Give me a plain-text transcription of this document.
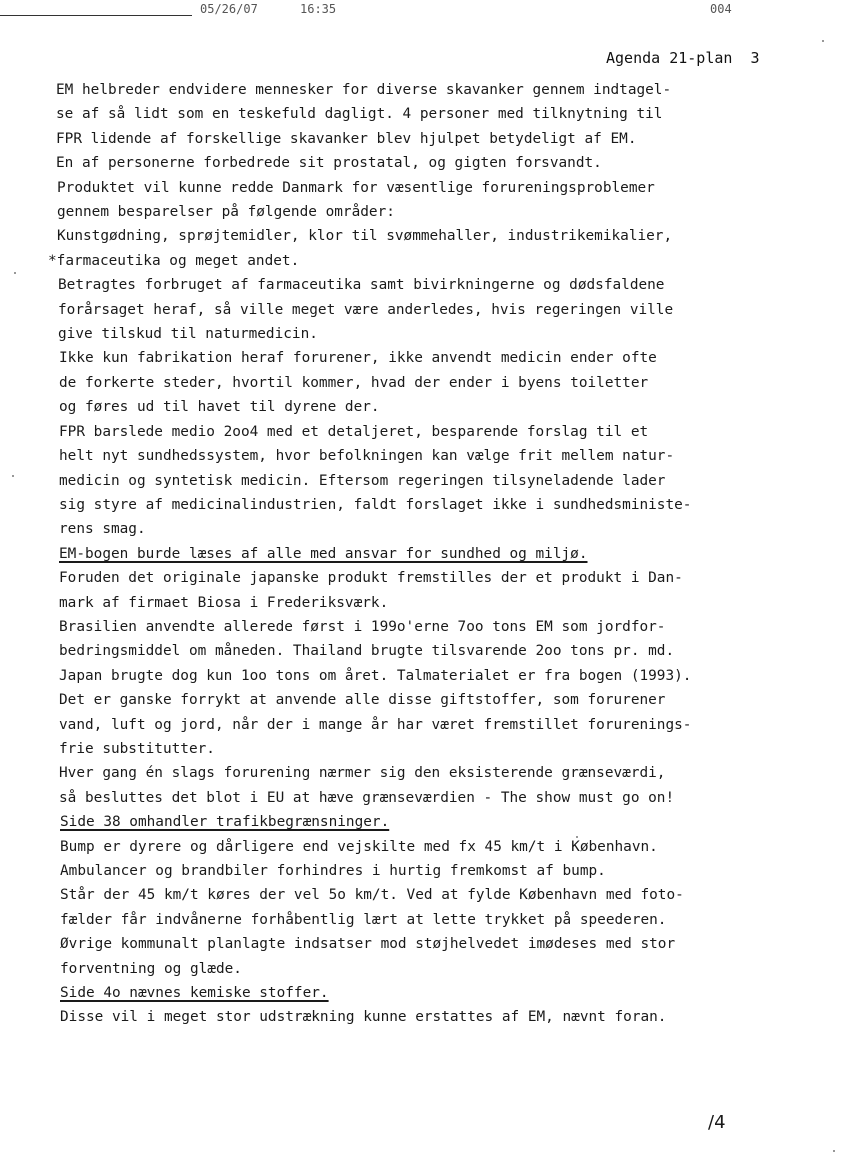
05/26/07	16:35	004
Agenda 21-plan  3
EM helbreder endvidere mennesker for diverse skavanker gennem indtagel-
se af så lidt som en teskefuld dagligt. 4 personer med tilknytning til
FPR lidende af forskellige skavanker blev hjulpet betydeligt af EM.
En af personerne forbedrede sit prostatal, og gigten forsvandt.
Produktet vil kunne redde Danmark for væsentlige forureningsproblemer
gennem besparelser på følgende områder:
Kunstgødning, sprøjtemidler, klor til svømmehaller, industrikemikalier,
*farmaceutika og meget andet.
Betragtes forbruget af farmaceutika samt bivirkningerne og dødsfaldene
forårsaget heraf, så ville meget være anderledes, hvis regeringen ville
give tilskud til naturmedicin.
Ikke kun fabrikation heraf forurener, ikke anvendt medicin ender ofte
de forkerte steder, hvortil kommer, hvad der ender i byens toiletter
og føres ud til havet til dyrene der.
FPR barslede medio 2oo4 med et detaljeret, besparende forslag til et
helt nyt sundhedssystem, hvor befolkningen kan vælge frit mellem natur-
medicin og syntetisk medicin. Eftersom regeringen tilsyneladende lader
sig styre af medicinalindustrien, faldt forslaget ikke i sundhedsministe-
rens smag.
EM-bogen burde læses af alle med ansvar for sundhed og miljø.
Foruden det originale japanske produkt fremstilles der et produkt i Dan-
mark af firmaet Biosa i Frederiksværk.
Brasilien anvendte allerede først i 199o'erne 7oo tons EM som jordfor-
bedringsmiddel om måneden. Thailand brugte tilsvarende 2oo tons pr. md.
Japan brugte dog kun 1oo tons om året. Talmaterialet er fra bogen (1993).
Det er ganske forrykt at anvende alle disse giftstoffer, som forurener
vand, luft og jord, når der i mange år har været fremstillet forurenings-
frie substitutter.
Hver gang én slags forurening nærmer sig den eksisterende grænseværdi,
så besluttes det blot i EU at hæve grænseværdien - The show must go on!
Side 38 omhandler trafikbegrænsninger.
Bump er dyrere og dårligere end vejskilte med fx 45 km/t i København.
Ambulancer og brandbiler forhindres i hurtig fremkomst af bump.
Står der 45 km/t køres der vel 5o km/t. Ved at fylde København med foto-
fælder får indvånerne forhåbentlig lært at lette trykket på speederen.
Øvrige kommunalt planlagte indsatser mod støjhelvedet imødeses med stor
forventning og glæde.
Side 4o nævnes kemiske stoffer.
Disse vil i meget stor udstrækning kunne erstattes af EM, nævnt foran.
/4
